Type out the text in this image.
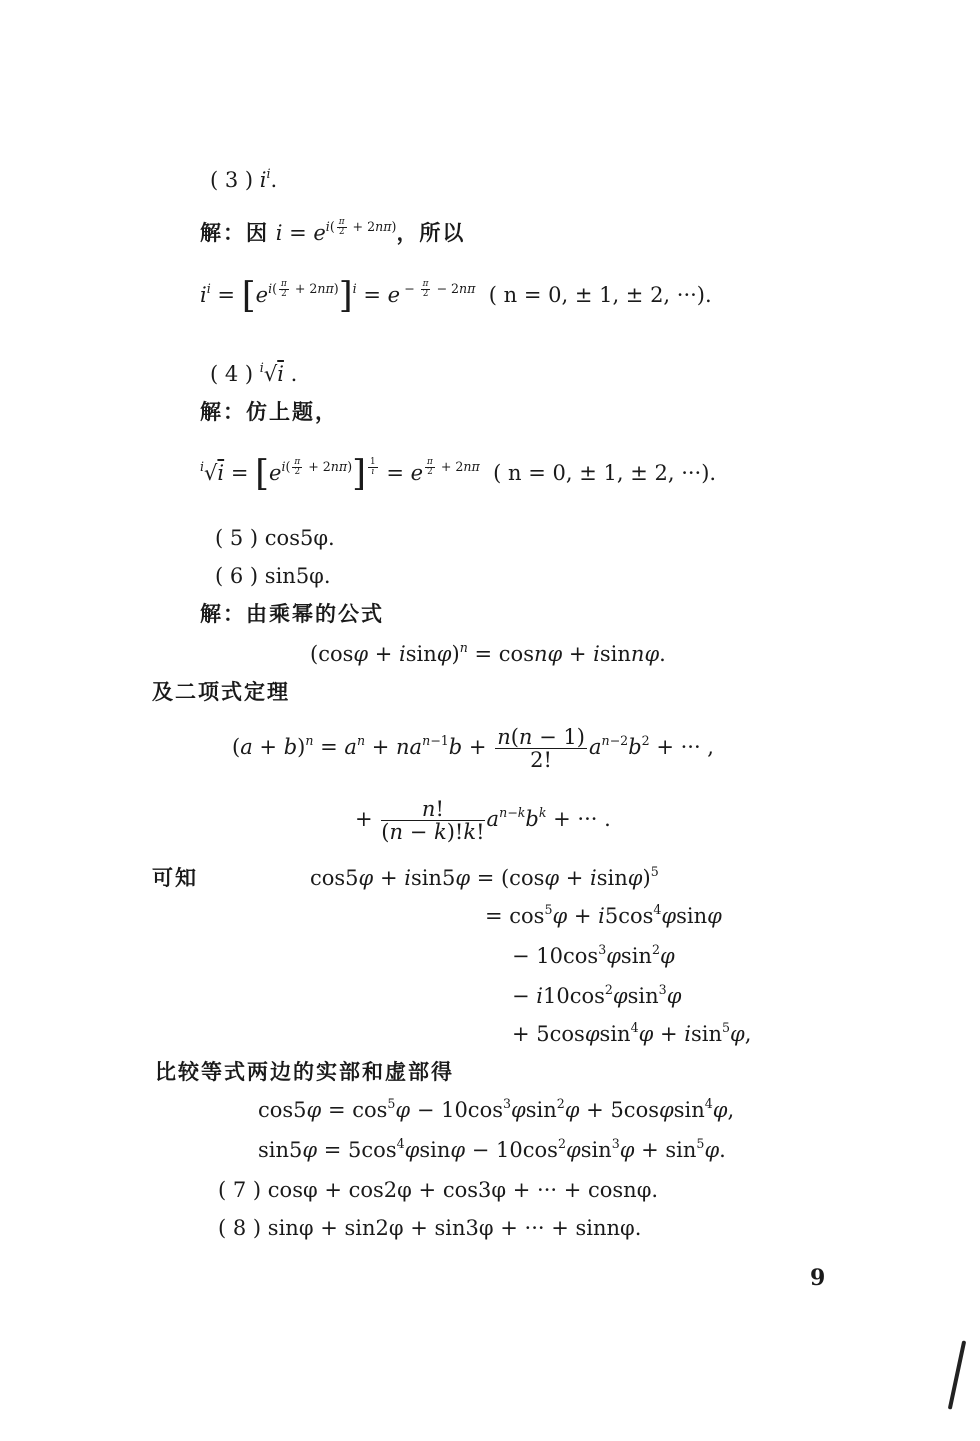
( 3 ) $i^i$.
解：因 $i = e^{i( \frac{\pi}{2} + 2n\pi)}$，所以
$i^i = [e^{i( \frac{\pi}{2} + 2n\pi)}]^i = e$ $^{- \frac{\pi}{2} - 2n\pi}$ ( n = 0, ± 1, ± 2, ···).
( 4 ) $^i$√i .
解：仿上题，
$^i√i = [e^{i( \frac{\pi}{2} + 2n\pi)}] ^{\frac{1}{i}} = e$ $^{\frac{\pi}{2} + 2n\pi}$ ( n = 0, ± 1, ± 2, ···).
( 5 ) cos5φ.
( 6 ) sin5φ.
解：由乘幂的公式
$(\cos\varphi + isin\varphi)^n = \cos n\varphi + isinn\varphi$.
及二项式定理
$(a + b)^n = a^n + na^{n-1}b + \frac{n(n - 1)}{2!} a^{n-2}b^2$ + ··· ,
+ $\frac{n!}{(n - k)!k!} a^{n-k}b^k$ + ··· .
可知	$\cos 5\varphi + isin5\varphi = (\cos\varphi + isin\varphi)^5$
= $\cos^5\varphi + i5\cos^4\varphi\sin\varphi$
− $10\cos^3\varphi\sin^2\varphi$
− $i10\cos^2\varphi\sin^3\varphi$
+ 5cosφsin$^4$φ + isin$^5$φ,
比较等式两边的实部和虚部得
$\cos 5\varphi = \cos^5\varphi - 10\cos^3\varphi\sin^2\varphi + 5\cos\varphi\sin^4\varphi$,
$\sin 5\varphi = 5\cos^4\varphi\sin\varphi - 10\cos^2\varphi\sin^3\varphi + \sin^5\varphi$.
( 7 ) cosφ + cos2φ + cos3φ + ··· + cosnφ.
( 8 ) sinφ + sin2φ + sin3φ + ··· + sinnφ.
9
